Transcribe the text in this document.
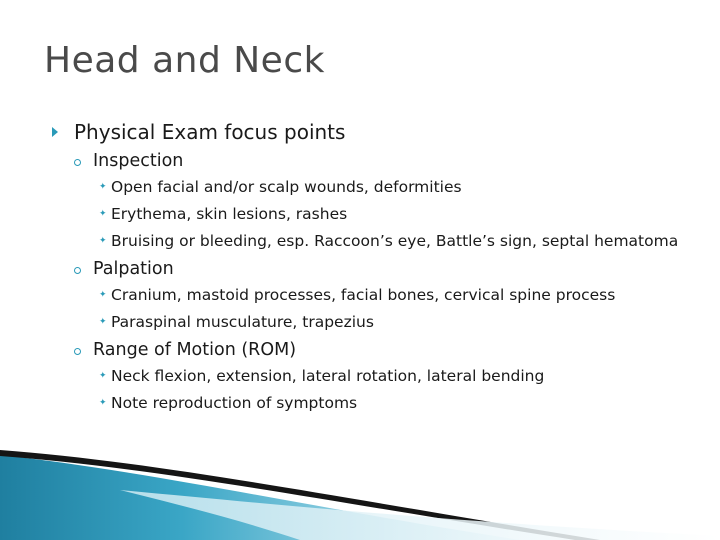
Head and Neck
Physical Exam focus points
Inspection
✦ Open facial and/or scalp wounds, deformities
✦ Erythema, skin lesions, rashes
✦ Bruising or bleeding, esp. Raccoon’s eye, Battle’s sign, septal hematoma
Palpation
✦ Cranium, mastoid processes, facial bones, cervical spine process
✦ Paraspinal musculature, trapezius
Range of Motion (ROM)
✦ Neck flexion, extension, lateral rotation, lateral bending
✦ Note reproduction of symptoms
